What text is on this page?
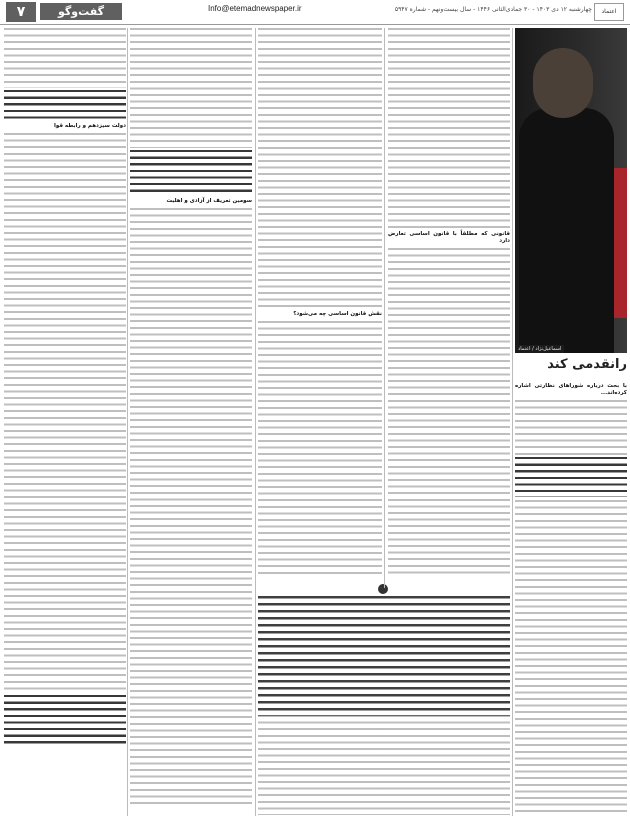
اعتماد
چهارشنبه ۱۲ دی ۱۴۰۳ - ۳۰ جمادی‌الثانی ۱۴۴۶ - سال بیست‌ونهم - شماره ۵۹۴۷
Info@etemadnewspaper.ir
گفت‌وگو
۷
اسماعیل‌نژاد / اعتماد
رانقدمی کند
با بحث درباره شوراهای نظارتی اشاره کرده‌اند...
قانونی که مطلقاً با قانون اساسی تعارض دارد
نقش قانون اساسی چه می‌شود؟
سومین تعریف از آزادی و اهلیت
دولت سیزدهم و رابطه قوا
